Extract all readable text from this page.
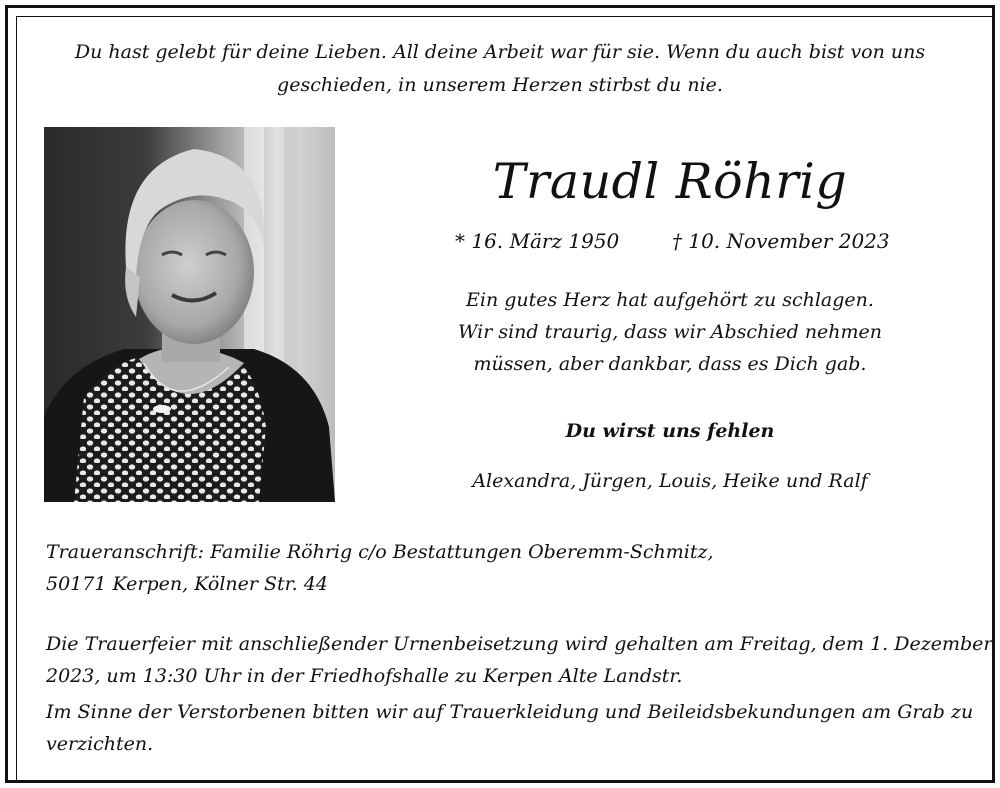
Du hast gelebt für deine Lieben. All deine Arbeit war für sie. Wenn du auch bist von uns
geschieden, in unserem Herzen stirbst du nie.
Traudl Röhrig
* 16. März 1950	† 10. November 2023
Ein gutes Herz hat aufgehört zu schlagen.
Wir sind traurig, dass wir Abschied nehmen
müssen, aber dankbar, dass es Dich gab.
Du wirst uns fehlen
Alexandra, Jürgen, Louis, Heike und Ralf
Traueranschrift: Familie Röhrig c/o Bestattungen Oberemm-Schmitz,
50171 Kerpen, Kölner Str. 44
Die Trauerfeier mit anschließender Urnenbeisetzung wird gehalten am Freitag, dem 1. Dezember
2023, um 13:30 Uhr in der Friedhofshalle zu Kerpen Alte Landstr.
Im Sinne der Verstorbenen bitten wir auf Trauerkleidung und Beileidsbekundungen am Grab zu
verzichten.
